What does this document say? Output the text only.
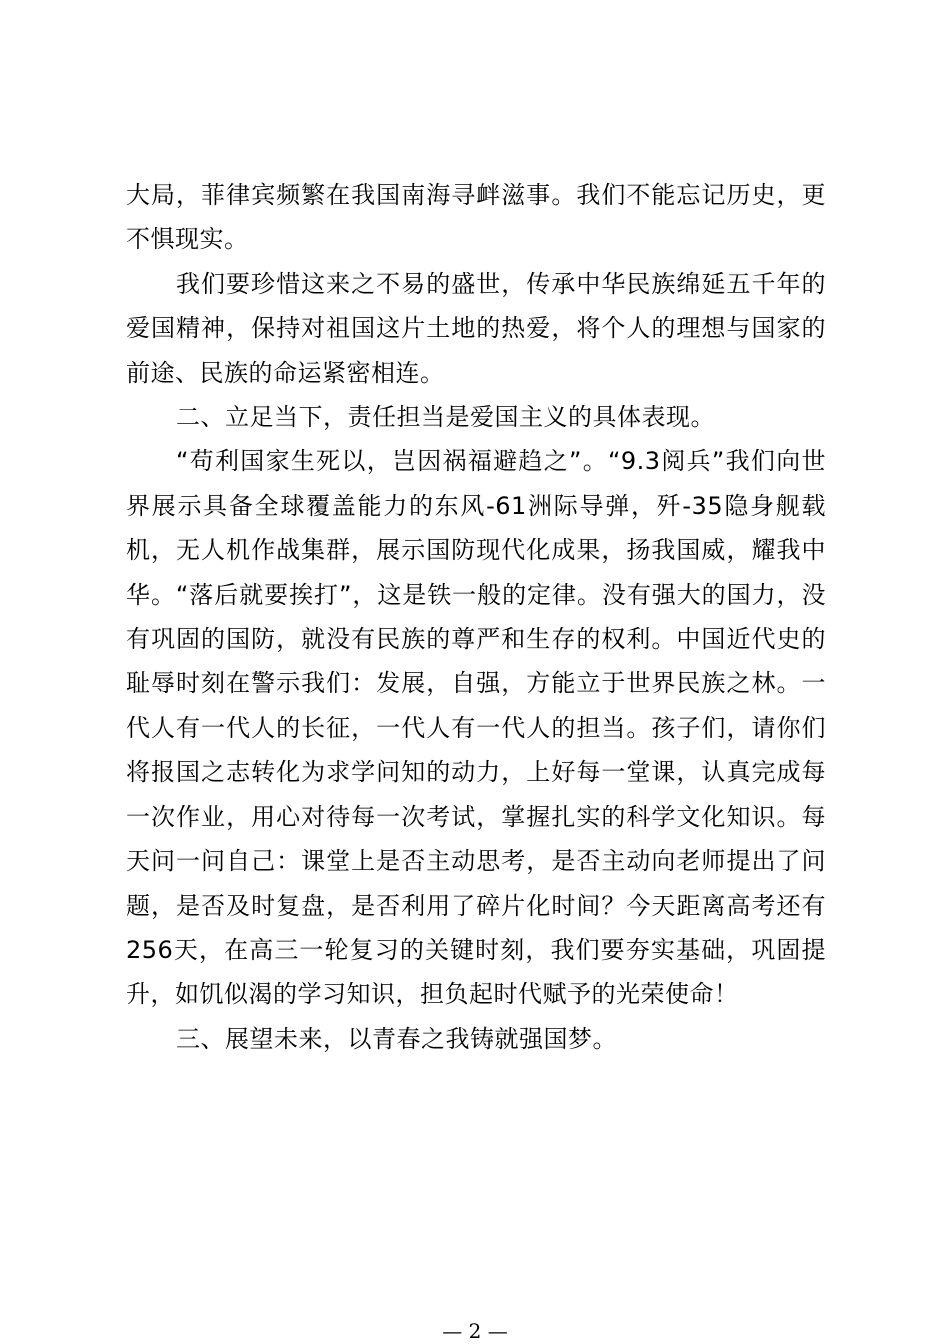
大局，菲律宾频繁在我国南海寻衅滋事。我们不能忘记历史，更不惧现实。

我们要珍惜这来之不易的盛世，传承中华民族绵延五千年的爱国精神，保持对祖国这片土地的热爱，将个人的理想与国家的前途、民族的命运紧密相连。

二、立足当下，责任担当是爱国主义的具体表现。

“苟利国家生死以，岂因祸福避趋之”。“9.3阅兵”我们向世界展示具备全球覆盖能力的东风-61洲际导弹，歼-35隐身舰载机，无人机作战集群，展示国防现代化成果，扬我国威，耀我中华。“落后就要挨打”，这是铁一般的定律。没有强大的国力，没有巩固的国防，就没有民族的尊严和生存的权利。中国近代史的耻辱时刻在警示我们：发展，自强，方能立于世界民族之林。一代人有一代人的长征，一代人有一代人的担当。孩子们，请你们将报国之志转化为求学问知的动力，上好每一堂课，认真完成每一次作业，用心对待每一次考试，掌握扎实的科学文化知识。每天问一问自己：课堂上是否主动思考，是否主动向老师提出了问题，是否及时复盘，是否利用了碎片化时间？今天距离高考还有256天，在高三一轮复习的关键时刻，我们要夯实基础，巩固提升，如饥似渴的学习知识，担负起时代赋予的光荣使命！

三、展望未来，以青春之我铸就强国梦。

— 2 —
